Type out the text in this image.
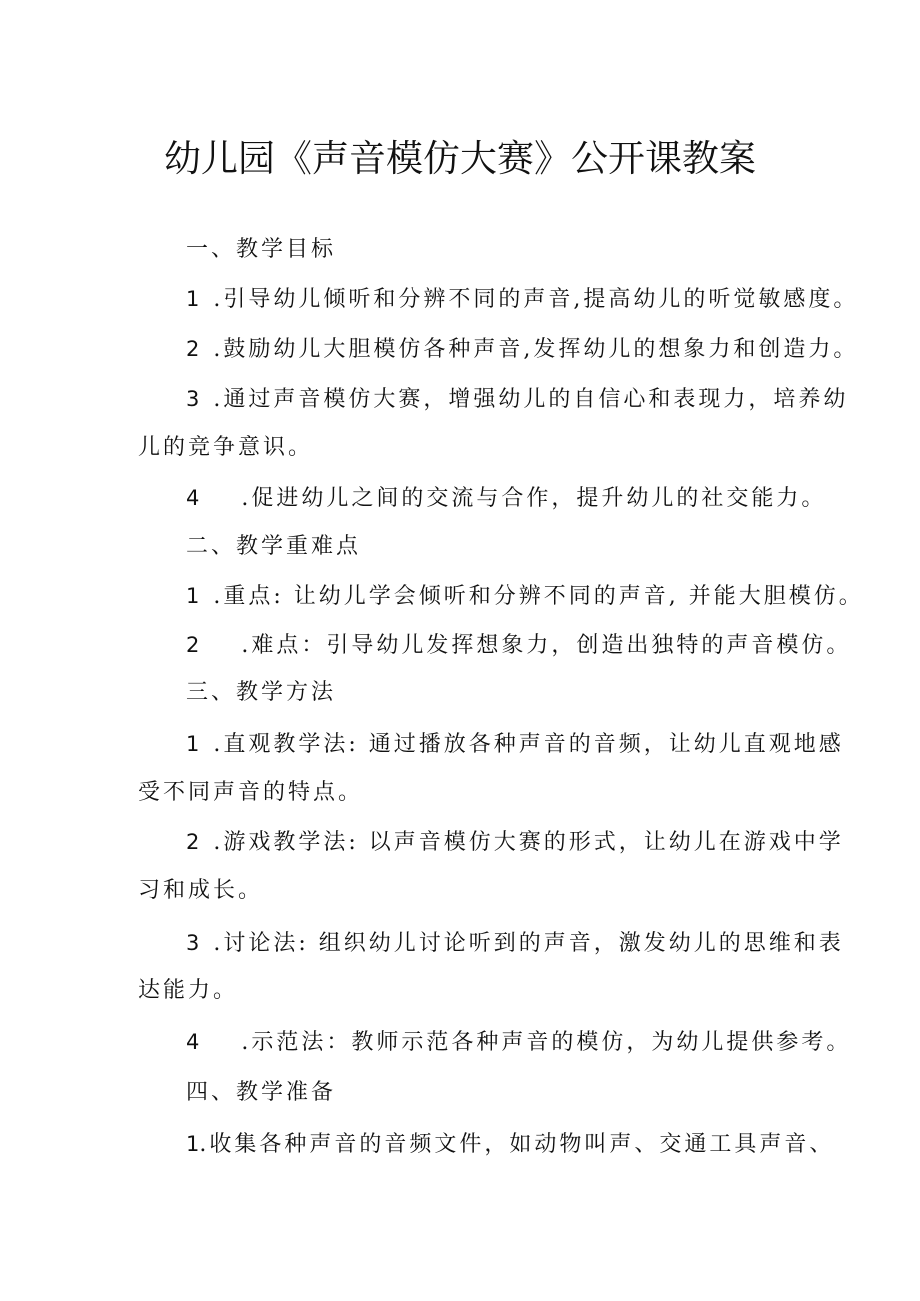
幼儿园《声音模仿大赛》公开课教案
一、教学目标
1 .引导幼儿倾听和分辨不同的声音,提高幼儿的听觉敏感度。
2 .鼓励幼儿大胆模仿各种声音,发挥幼儿的想象力和创造力。
3 .通过声音模仿大赛，增强幼儿的自信心和表现力，培养幼
儿的竞争意识。
4 .促进幼儿之间的交流与合作，提升幼儿的社交能力。
二、教学重难点
1 .重点: 让幼儿学会倾听和分辨不同的声音, 并能大胆模仿。
2 .难点：引导幼儿发挥想象力，创造出独特的声音模仿。
三、教学方法
1 .直观教学法: 通过播放各种声音的音频，让幼儿直观地感
受不同声音的特点。
2 .游戏教学法: 以声音模仿大赛的形式，让幼儿在游戏中学
习和成长。
3 .讨论法: 组织幼儿讨论听到的声音，激发幼儿的思维和表
达能力。
4 .示范法：教师示范各种声音的模仿，为幼儿提供参考。
四、教学准备
1.收集各种声音的音频文件，如动物叫声、交通工具声音、
